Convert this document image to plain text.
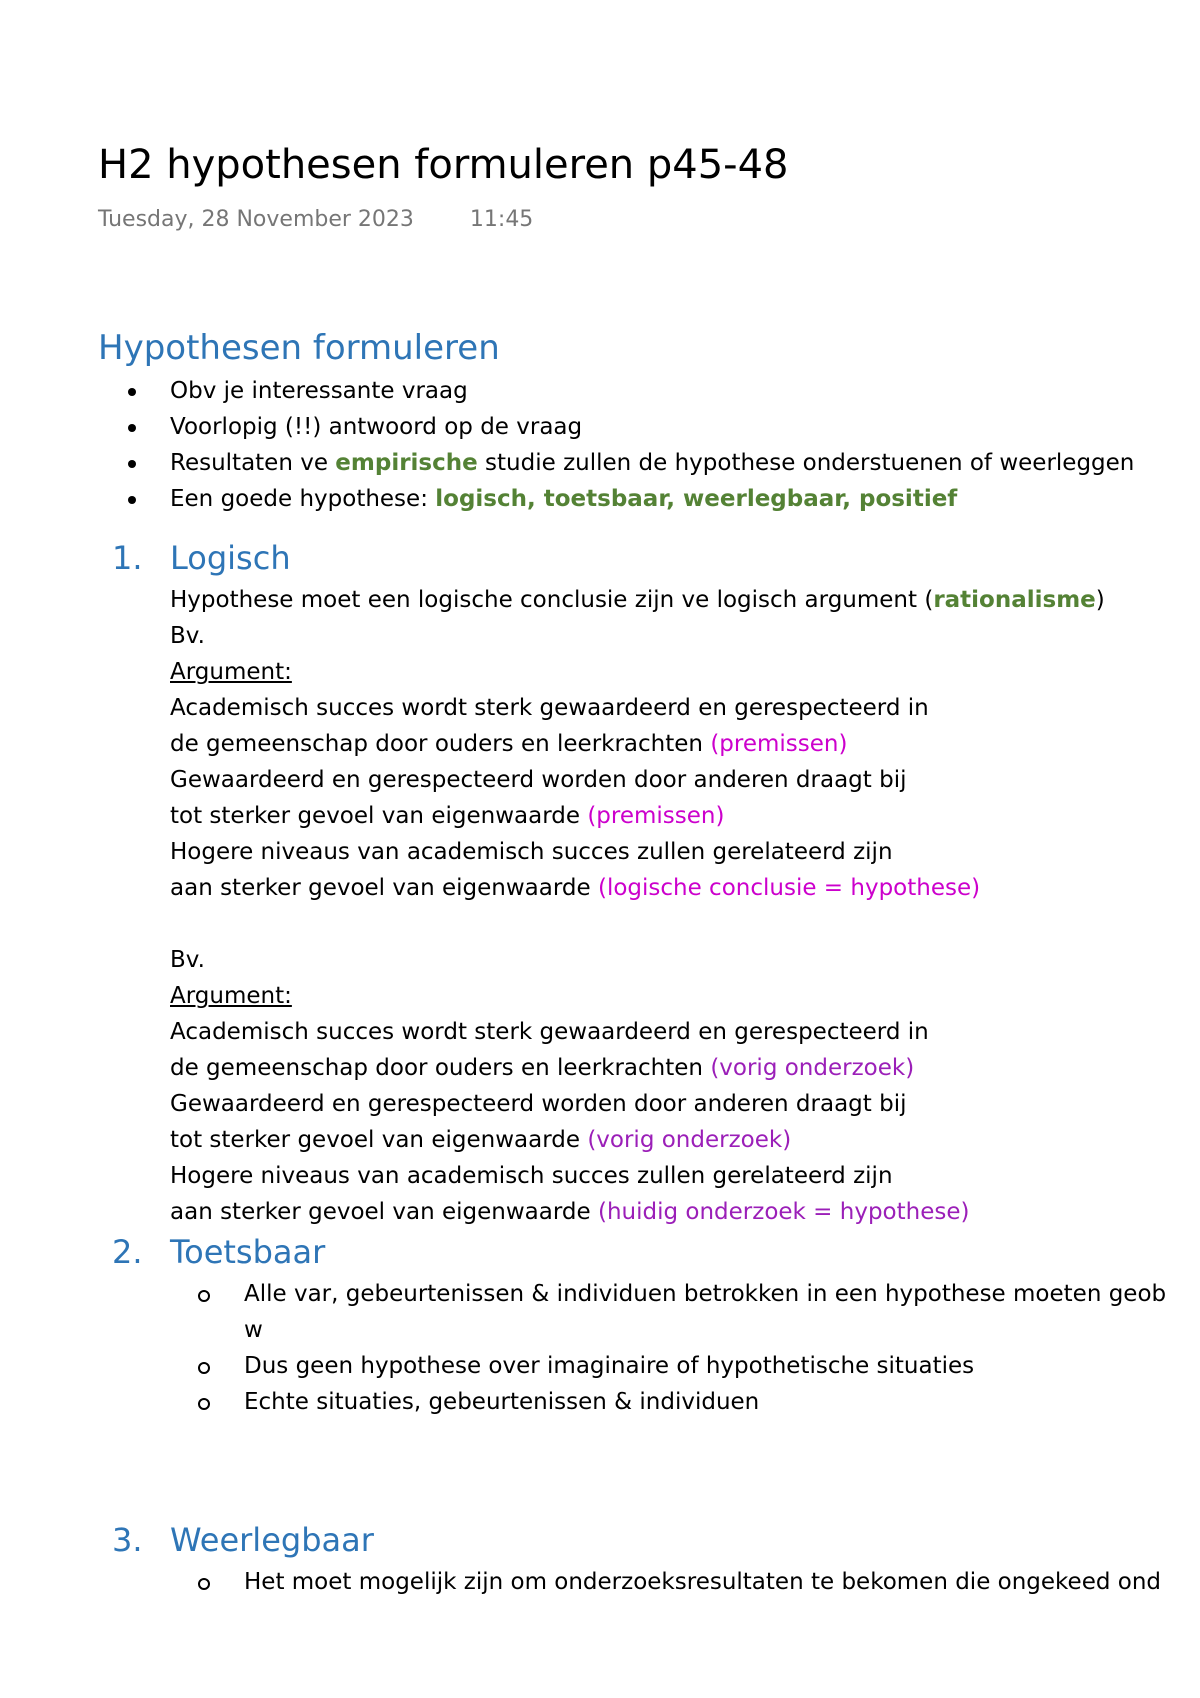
H2 hypothesen formuleren p45-48
Tuesday, 28 November 2023	11:45
Hypothesen formuleren
Obv je interessante vraag
Voorlopig (!!) antwoord op de vraag
Resultaten ve empirische studie zullen de hypothese onderstuenen of weerleggen
Een goede hypothese: logisch, toetsbaar, weerlegbaar, positief
1. Logisch
Hypothese moet een logische conclusie zijn ve logisch argument (rationalisme)
Bv.
Argument:
Academisch succes wordt sterk gewaardeerd en gerespecteerd in
de gemeenschap door ouders en leerkrachten (premissen)
Gewaardeerd en gerespecteerd worden door anderen draagt bij
tot sterker gevoel van eigenwaarde (premissen)
Hogere niveaus van academisch succes zullen gerelateerd zijn
aan sterker gevoel van eigenwaarde (logische conclusie = hypothese)
Bv.
Argument:
Academisch succes wordt sterk gewaardeerd en gerespecteerd in
de gemeenschap door ouders en leerkrachten (vorig onderzoek)
Gewaardeerd en gerespecteerd worden door anderen draagt bij
tot sterker gevoel van eigenwaarde (vorig onderzoek)
Hogere niveaus van academisch succes zullen gerelateerd zijn
aan sterker gevoel van eigenwaarde (huidig onderzoek = hypothese)
2. Toetsbaar
Alle var, gebeurtenissen & individuen betrokken in een hypothese moeten geob
w
Dus geen hypothese over imaginaire of hypothetische situaties
Echte situaties, gebeurtenissen & individuen
3. Weerlegbaar
Het moet mogelijk zijn om onderzoeksresultaten te bekomen die ongekeed ond
